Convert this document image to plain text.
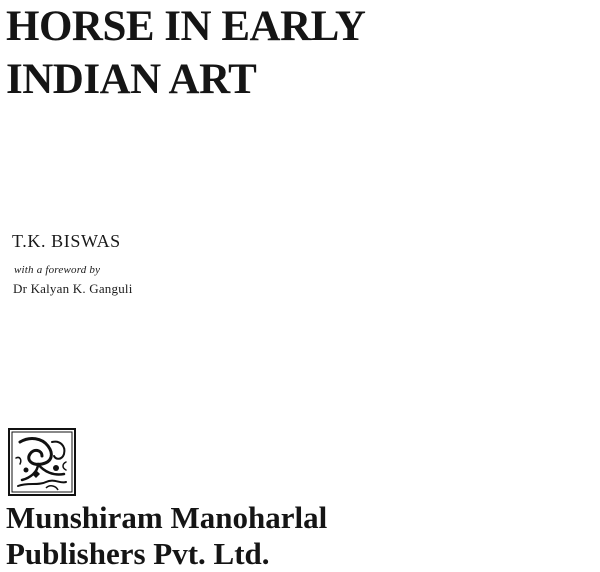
HORSE IN EARLY
INDIAN ART
T.K. BISWAS
with a foreword by
Dr Kalyan K. Ganguli
Munshiram Manoharlal
Publishers Pvt. Ltd.
